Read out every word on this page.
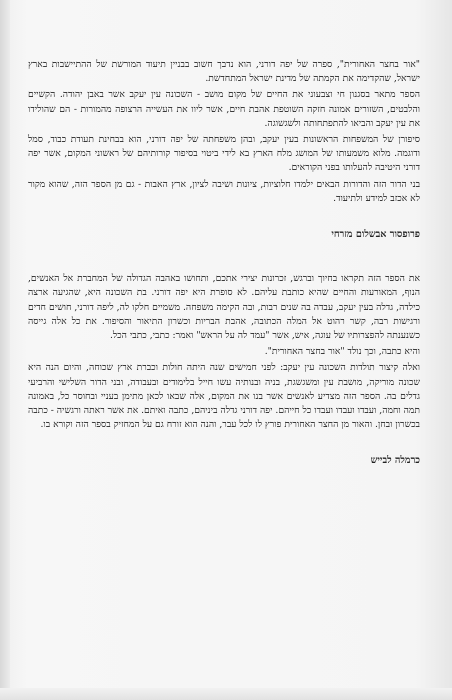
"אור בחצר האחורית", ספרה של יפה דורני, הוא נדבך חשוב בבניין תיעוד המורשת של ההתיישבות בארץ ישראל, שהקדימה את הקמתה של מדינת ישראל המתחדשת.

הספר מתאר בסגנון חי וצבעוני את החיים של מקום מושב - השכונה עין יעקב אשר באבן יהודה. הקשיים והלבטים, השזורים אמונה חזקה השוטפת אהבת חיים, אשר ליוו את העשייה הרצופה מהמורות - הם שהולידו את עין יעקב והביאו להתפתחותה ולשגשוגה.

סיפורן של המשפחות הראשונות בעין יעקב, ובהן משפחתה של יפה דורני, הוא בבחינת תעודת כבוד, סמל ודוגמה. מלוא משמעותו של המושג מלח הארץ בא לידי ביטוי בסיפור קורותיהם של ראשוני המקום, אשר יפה דורני היטיבה להעלותו בפני הקוראים.

בני הדור הזה והדורות הבאים ילמדו חלוציות, ציונות ושיבה לציון, ארץ האבות - גם מן הספר הזה, שהוא מקור לא אכזב למידע ולתיעוד.

פרופסור אבשלום מזרחי

את הספר הזה תקראו בחיוך וברגש, זכרונות יצירי אתכם, ותחושו באהבה הגדולה של המחברת אל האנשים, הנוף, המאורעות והחיים שהיא כותבת עליהם. לא סופרת היא יפה דורני. בת השכונה היא, שהגיעה ארצה כילדה, גדלה בעין יעקב, עבדה בה שנים רבות, ובה הקימה משפחה. משמיים חלקו לה, ליפה דורני, חושים חדים ורגישות רבה, קשר רהוט אל המלה הכתובה, אהבת הבריות וכשרון התיאור והסיפור. את כל אלה גייסה כשנענתה להפצרותיו של עוגה, איש, אשר "עמד לה על הראש" ואמר: כתבי, כתבי הכל.

והיא כתבה, וכך נולד "אור בחצר האחורית".

ואלה קיצור תולדות השכונה עין יעקב: לפני חמישים שנה היתה חולות וכברת ארץ שכוחה, והיום הנה היא שכונה מוריקה, מושבת עין ומשגשגת, בניה ובנותיה עשו חייל בלימודים ובעבודה, ובני הדור השלישי והרביעי גדלים בה. הספר הזה מצדיע לאנשים אשר בנו את המקום, אלה שבאו לכאן מתימן בעניי ובחוסר כל, באמונה תמה וחמה, ועבדו ועבדו ועבדו כל חייהם. יפה דורני גדלה ביניהם, כתבה ואיתם. את אשר ראתה ורגשיה - כתבה בכשרון ובחן. והאור מן החצר האחורית פורץ לו לכל עבר, והנה הוא זורח גם על המחזיק בספר הזה וקורא בו.

כרמלה לבייש
